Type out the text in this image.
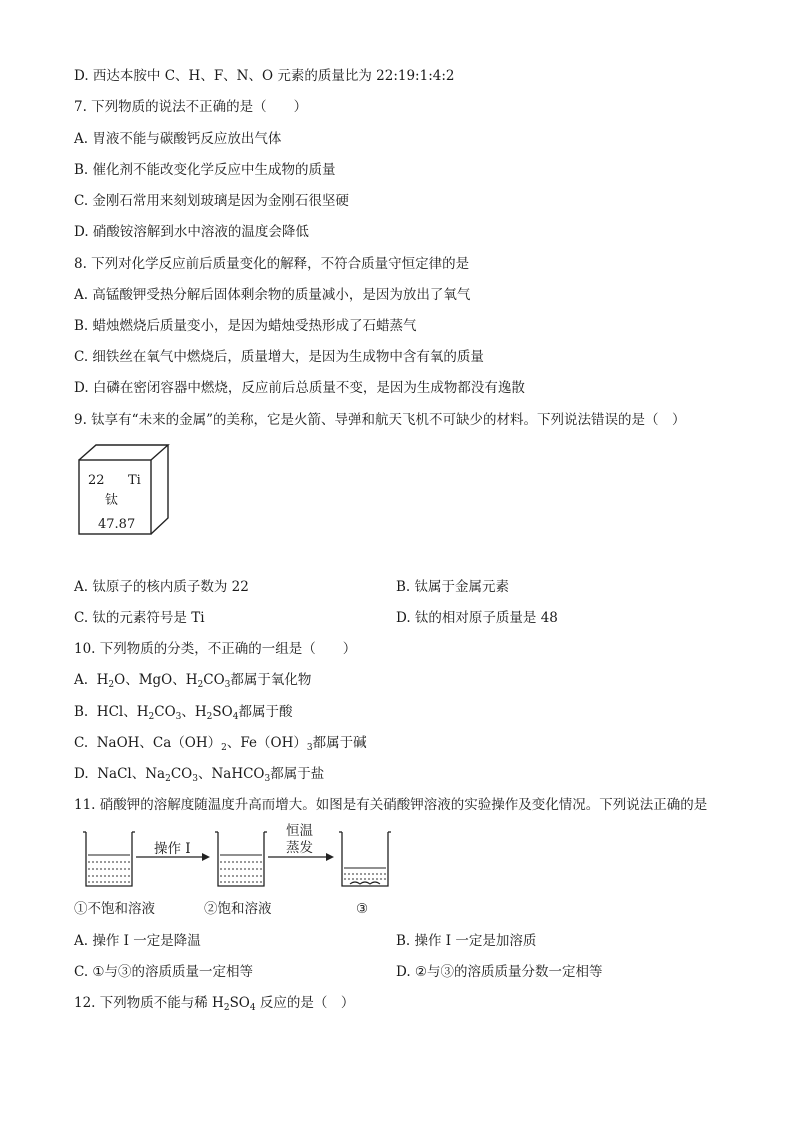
D. 西达本胺中 C、H、F、N、O 元素的质量比为 22:19:1:4:2
7. 下列物质的说法不正确的是（　　）
A. 胃液不能与碳酸钙反应放出气体
B. 催化剂不能改变化学反应中生成物的质量
C. 金刚石常用来刻划玻璃是因为金刚石很坚硬
D. 硝酸铵溶解到水中溶液的温度会降低
8. 下列对化学反应前后质量变化的解释，不符合质量守恒定律的是
A. 高锰酸钾受热分解后固体剩余物的质量减小，是因为放出了氧气
B. 蜡烛燃烧后质量变小，是因为蜡烛受热形成了石蜡蒸气
C. 细铁丝在氧气中燃烧后，质量增大，是因为生成物中含有氧的质量
D. 白磷在密闭容器中燃烧，反应前后总质量不变，是因为生成物都没有逸散
9. 钛享有“未来的金属”的美称，它是火箭、导弹和航天飞机不可缺少的材料。下列说法错误的是（　）
22 Ti
钛
47.87
A. 钛原子的核内质子数为 22	B. 钛属于金属元素
C. 钛的元素符号是 Ti	D. 钛的相对原子质量是 48
10. 下列物质的分类，不正确的一组是（　　）
A.  $H_2O$、MgO、$H_2CO_3$都属于氧化物
B.  HCl、$H_2CO_3$、$H_2SO_4$都属于酸
C.  NaOH、$Ca(OH)_2$、$Fe(OH)_3$都属于碱
D.  NaCl、$Na_2CO_3$、NaHCO$_3$都属于盐
11. 硝酸钾的溶解度随温度升高而增大。如图是有关硝酸钾溶液的实验操作及变化情况。下列说法正确的是
操作 I
恒温
蒸发
①不饱和溶液	②饱和溶液	③
A. 操作 I 一定是降温	B. 操作 I 一定是加溶质
C. ①与③的溶质质量一定相等	D. ②与③的溶质质量分数一定相等
12. 下列物质不能与稀 $H_2SO_4$ 反应的是（　）
